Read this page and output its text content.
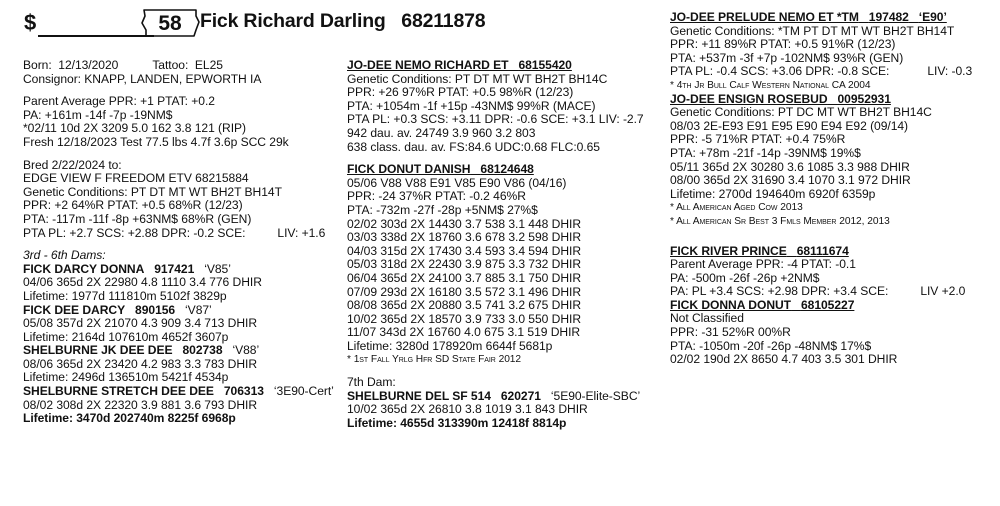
$	58 Fick Richard Darling 68211878
Born: 12/13/2020	Tattoo: EL25
Consignor: KNAPP, LANDEN, EPWORTH IA
Parent Average PPR: +1 PTAT: +0.2
PA: +161m -14f -7p -19NM$
*02/11 10d 2X 3209 5.0 162 3.8 121 (RIP)
Fresh 12/18/2023 Test 77.5 lbs 4.7f 3.6p SCC 29k
Bred 2/22/2024 to:
EDGE VIEW F FREEDOM ETV 68215884
Genetic Conditions: PT DT MT WT BH2T BH14T
PPR: +2 64%R PTAT: +0.5 68%R (12/23)
PTA: -117m -11f -8p +63NM$ 68%R (GEN)
PTA PL: +2.7 SCS: +2.88 DPR: -0.2 SCE:	LIV: +1.6
3rd - 6th Dams:
FICK DARCY DONNA 917421 ‘V85’
04/06 365d 2X 22980 4.8 1110 3.4 776 DHIR
Lifetime: 1977d 111810m 5102f 3829p
FICK DEE DARCY 890156 ‘V87’
05/08 357d 2X 21070 4.3 909 3.4 713 DHIR
Lifetime: 2164d 107610m 4652f 3607p
SHELBURNE JK DEE DEE 802738 ‘V88’
08/06 365d 2X 23420 4.2 983 3.3 783 DHIR
Lifetime: 2496d 136510m 5421f 4534p
SHELBURNE STRETCH DEE DEE 706313 ‘3E90-Cert’
08/02 308d 2X 22320 3.9 881 3.6 793 DHIR
Lifetime: 3470d 202740m 8225f 6968p
JO-DEE NEMO RICHARD ET 68155420
Genetic Conditions: PT DT MT WT BH2T BH14C
PPR: +26 97%R PTAT: +0.5 98%R (12/23)
PTA: +1054m -1f +15p -43NM$ 99%R (MACE)
PTA PL: +0.3 SCS: +3.11 DPR: -0.6 SCE: +3.1 LIV: -2.7
942 dau. av. 24749 3.9 960 3.2 803
638 class. dau. av. FS:84.6 UDC:0.68 FLC:0.65
FICK DONUT DANISH 68124648
05/06 V88 V88 E91 V85 E90 V86 (04/16)
PPR: -24 37%R PTAT: -0.2 46%R
PTA: -732m -27f -28p +5NM$ 27%$
02/02 303d 2X 14430 3.7 538 3.1 448 DHIR
03/03 338d 2X 18760 3.6 678 3.2 598 DHIR
04/03 315d 2X 17430 3.4 593 3.4 594 DHIR
05/03 318d 2X 22430 3.9 875 3.3 732 DHIR
06/04 365d 2X 24100 3.7 885 3.1 750 DHIR
07/09 293d 2X 16180 3.5 572 3.1 496 DHIR
08/08 365d 2X 20880 3.5 741 3.2 675 DHIR
10/02 365d 2X 18570 3.9 733 3.0 550 DHIR
11/07 343d 2X 16760 4.0 675 3.1 519 DHIR
Lifetime: 3280d 178920m 6644f 5681p
* 1st Fall Yrlg Hfr SD State Fair 2012
7th Dam:
SHELBURNE DEL SF 514 620271 ‘5E90-Elite-SBC’
10/02 365d 2X 26810 3.8 1019 3.1 843 DHIR
Lifetime: 4655d 313390m 12418f 8814p
JO-DEE PRELUDE NEMO ET *TM 197482 ‘E90’
Genetic Conditions: *TM PT DT MT WT BH2T BH14T
PPR: +11 89%R PTAT: +0.5 91%R (12/23)
PTA: +537m -3f +7p -102NM$ 93%R (GEN)
PTA PL: -0.4 SCS: +3.06 DPR: -0.8 SCE:	LIV: -0.3
* 4th Jr Bull Calf Western National CA 2004
JO-DEE ENSIGN ROSEBUD 00952931
Genetic Conditions: PT DC MT WT BH2T BH14C
08/03 2E-E93 E91 E95 E90 E94 E92 (09/14)
PPR: -5 71%R PTAT: +0.4 75%R
PTA: +78m -21f -14p -39NM$ 19%$
05/11 365d 2X 30280 3.6 1085 3.3 988 DHIR
08/00 365d 2X 31690 3.4 1070 3.1 972 DHIR
Lifetime: 2700d 194640m 6920f 6359p
* All American Aged Cow 2013
* All American Sr Best 3 Fmls Member 2012, 2013
FICK RIVER PRINCE 68111674
Parent Average PPR: -4 PTAT: -0.1
PA: -500m -26f -26p +2NM$
PA: PL +3.4 SCS: +2.98 DPR: +3.4 SCE:	LIV +2.0
FICK DONNA DONUT 68105227
Not Classified
PPR: -31 52%R 00%R
PTA: -1050m -20f -26p -48NM$ 17%$
02/02 190d 2X 8650 4.7 403 3.5 301 DHIR
